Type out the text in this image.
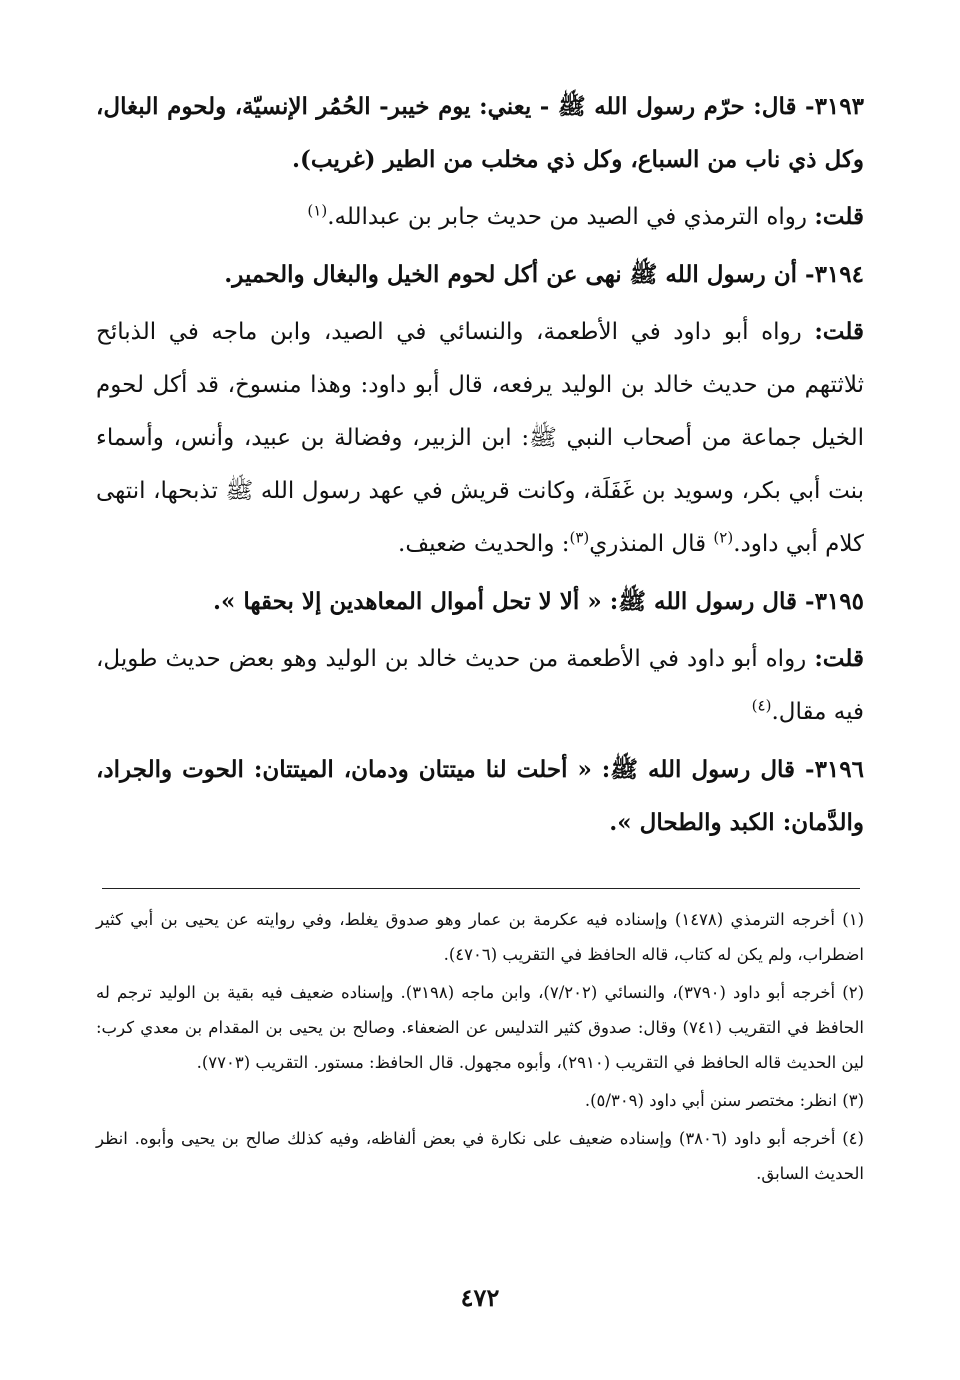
٣١٩٣- قال: حرّم رسول الله ﷺ - يعني: يوم خيبر- الحُمُر الإنسيّة، ولحوم البغال، وكل ذي ناب من السباع، وكل ذي مخلب من الطير (غريب).

قلت: رواه الترمذي في الصيد من حديث جابر بن عبدالله.$^{(١)}$

٣١٩٤- أن رسول الله ﷺ نهى عن أكل لحوم الخيل والبغال والحمير.

قلت: رواه أبو داود في الأطعمة، والنسائي في الصيد، وابن ماجه في الذبائح ثلاثتهم من حديث خالد بن الوليد يرفعه، قال أبو داود: وهذا منسوخ، قد أكل لحوم الخيل جماعة من أصحاب النبي ﷺ: ابن الزبير، وفضالة بن عبيد، وأنس، وأسماء بنت أبي بكر، وسويد بن غَفَلَة، وكانت قريش في عهد رسول الله ﷺ تذبحها، انتهى كلام أبي داود.$^{(٢)}$ قال المنذري$^{(٣)}$: والحديث ضعيف.

٣١٩٥- قال رسول الله ﷺ: « ألا لا تحل أموال المعاهدين إلا بحقها ».

قلت: رواه أبو داود في الأطعمة من حديث خالد بن الوليد وهو بعض حديث طويل، فيه مقال.$^{(٤)}$

٣١٩٦- قال رسول الله ﷺ: « أحلت لنا ميتتان ودمان، الميتتان: الحوت والجراد، والدَّمان: الكبد والطحال ».

(١) أخرجه الترمذي (١٤٧٨) وإسناده فيه عكرمة بن عمار وهو صدوق يغلط، وفي روايته عن يحيى بن أبي كثير اضطراب، ولم يكن له كتاب، قاله الحافظ في التقريب (٤٧٠٦).

(٢) أخرجه أبو داود (٣٧٩٠)، والنسائي (٧/٢٠٢)، وابن ماجه (٣١٩٨). وإسناده ضعيف فيه بقية بن الوليد ترجم له الحافظ في التقريب (٧٤١) وقال: صدوق كثير التدليس عن الضعفاء. وصالح بن يحيى بن المقدام بن معدي كرب: لين الحديث قاله الحافظ في التقريب (٢٩١٠)، وأبوه مجهول. قال الحافظ: مستور. التقريب (٧٧٠٣).

(٣) انظر: مختصر سنن أبي داود (٥/٣٠٩).

(٤) أخرجه أبو داود (٣٨٠٦) وإسناده ضعيف على نكارة في بعض ألفاظه، وفيه كذلك صالح بن يحيى وأبوه. انظر الحديث السابق.

٤٧٢
